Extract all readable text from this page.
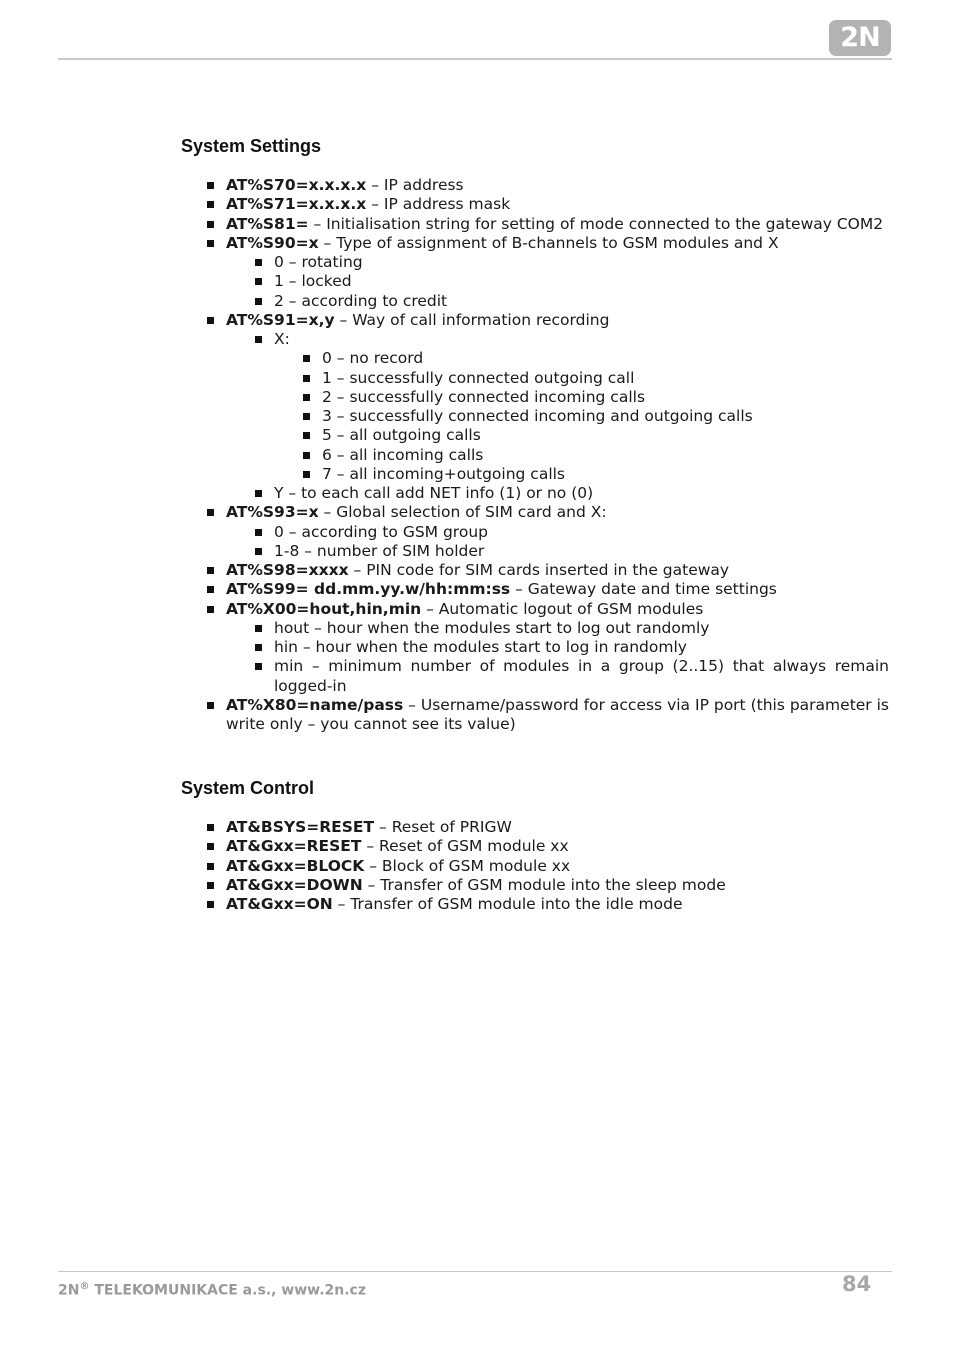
2N
System Settings
AT%S70=x.x.x.x – IP address
AT%S71=x.x.x.x – IP address mask
AT%S81= – Initialisation string for setting of mode connected to the gateway COM2
AT%S90=x – Type of assignment of B-channels to GSM modules and X
0 – rotating
1 – locked
2 – according to credit
AT%S91=x,y – Way of call information recording
X:
0 – no record
1 – successfully connected outgoing call
2 – successfully connected incoming calls
3 – successfully connected incoming and outgoing calls
5 – all outgoing calls
6 – all incoming calls
7 – all incoming+outgoing calls
Y – to each call add NET info (1) or no (0)
AT%S93=x – Global selection of SIM card and X:
0 – according to GSM group
1-8 – number of SIM holder
AT%S98=xxxx – PIN code for SIM cards inserted in the gateway
AT%S99= dd.mm.yy.w/hh:mm:ss – Gateway date and time settings
AT%X00=hout,hin,min – Automatic logout of GSM modules
hout – hour when the modules start to log out randomly
hin – hour when the modules start to log in randomly
min – minimum number of modules in a group (2..15) that always remain logged-in
AT%X80=name/pass – Username/password for access via IP port (this parameter is write only – you cannot see its value)
System Control
AT&BSYS=RESET – Reset of PRIGW
AT&Gxx=RESET – Reset of GSM module xx
AT&Gxx=BLOCK – Block of GSM module xx
AT&Gxx=DOWN – Transfer of GSM module into the sleep mode
AT&Gxx=ON – Transfer of GSM module into the idle mode
2N® TELEKOMUNIKACE a.s., www.2n.cz	84
